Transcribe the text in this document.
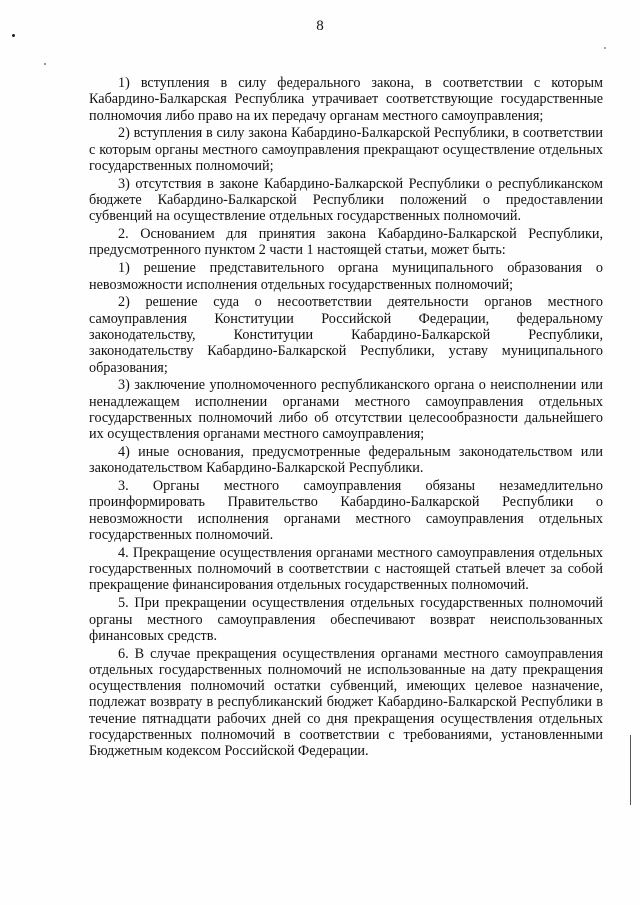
8

1) вступления в силу федерального закона, в соответствии с которым Кабардино-Балкарская Республика утрачивает соответствующие государственные полномочия либо право на их передачу органам местного самоуправления;

2) вступления в силу закона Кабардино-Балкарской Республики, в соответствии с которым органы местного самоуправления прекращают осуществление отдельных государственных полномочий;

3) отсутствия в законе Кабардино-Балкарской Республики о республиканском бюджете Кабардино-Балкарской Республики положений о предоставлении субвенций на осуществление отдельных государственных полномочий.

2. Основанием для принятия закона Кабардино-Балкарской Республики, предусмотренного пунктом 2 части 1 настоящей статьи, может быть:

1) решение представительного органа муниципального образования о невозможности исполнения отдельных государственных полномочий;

2) решение суда о несоответствии деятельности органов местного самоуправления Конституции Российской Федерации, федеральному законодательству, Конституции Кабардино-Балкарской Республики, законодательству Кабардино-Балкарской Республики, уставу муниципального образования;

3) заключение уполномоченного республиканского органа о неисполнении или ненадлежащем исполнении органами местного самоуправления отдельных государственных полномочий либо об отсутствии целесообразности дальнейшего их осуществления органами местного самоуправления;

4) иные основания, предусмотренные федеральным законодательством или законодательством Кабардино-Балкарской Республики.

3. Органы местного самоуправления обязаны незамедлительно проинформировать Правительство Кабардино-Балкарской Республики о невозможности исполнения органами местного самоуправления отдельных государственных полномочий.

4. Прекращение осуществления органами местного самоуправления отдельных государственных полномочий в соответствии с настоящей статьей влечет за собой прекращение финансирования отдельных государственных полномочий.

5. При прекращении осуществления отдельных государственных полномочий органы местного самоуправления обеспечивают возврат неиспользованных финансовых средств.

6. В случае прекращения осуществления органами местного самоуправления отдельных государственных полномочий не использованные на дату прекращения осуществления полномочий остатки субвенций, имеющих целевое назначение, подлежат возврату в республиканский бюджет Кабардино-Балкарской Республики в течение пятнадцати рабочих дней со дня прекращения осуществления отдельных государственных полномочий в соответствии с требованиями, установленными Бюджетным кодексом Российской Федерации.
